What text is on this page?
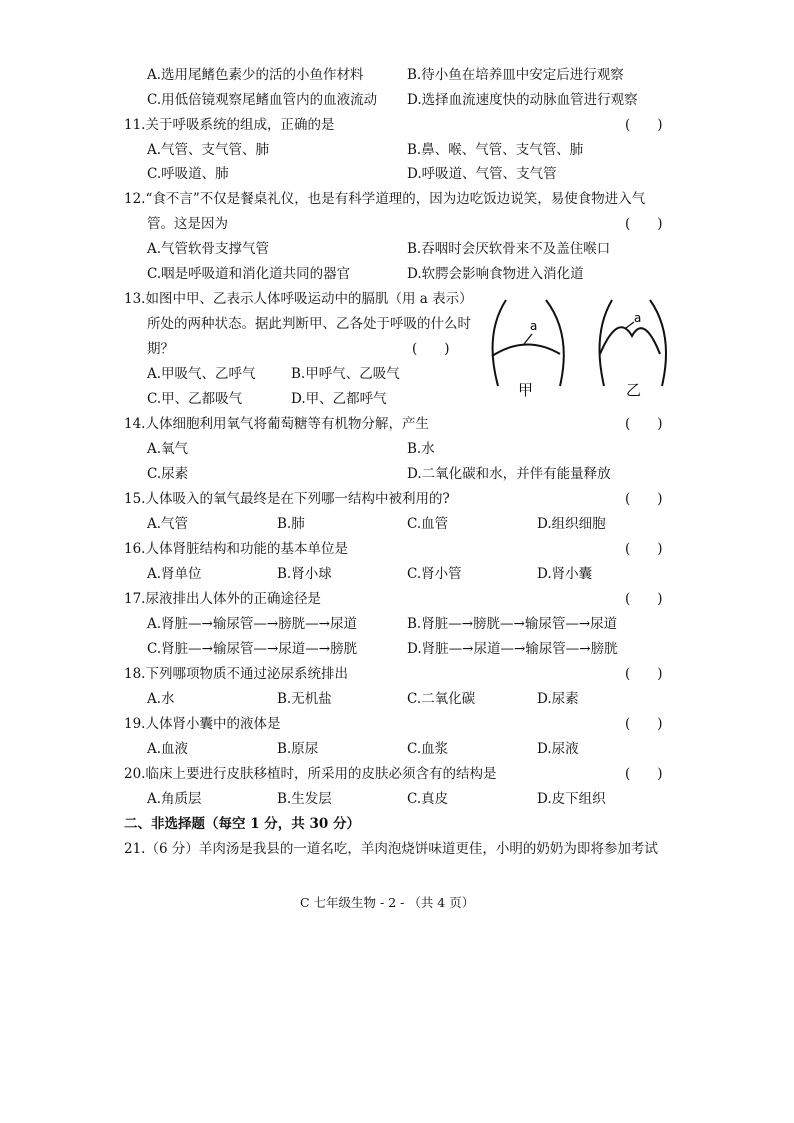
A.选用尾鳍色素少的活的小鱼作材料	B.待小鱼在培养皿中安定后进行观察
C.用低倍镜观察尾鳍血管内的血液流动 D.选择血流速度快的动脉血管进行观察
11.关于呼吸系统的组成，正确的是	(　　)
A.气管、支气管、肺	B.鼻、喉、气管、支气管、肺
C.呼吸道、肺	D.呼吸道、气管、支气管
12.“食不言”不仅是餐桌礼仪，也是有科学道理的，因为边吃饭边说笑，易使食物进入气
管。这是因为	(　　)
A.气管软骨支撑气管	B.吞咽时会厌软骨来不及盖住喉口
C.咽是呼吸道和消化道共同的器官	D.软腭会影响食物进入消化道
13.如图中甲、乙表示人体呼吸运动中的膈肌（用 a 表示）
所处的两种状态。据此判断甲、乙各处于呼吸的什么时
期？	(　　)
A.甲吸气、乙呼气	B.甲呼气、乙吸气
C.甲、乙都吸气	D.甲、乙都呼气
a
甲
a
乙
14.人体细胞利用氧气将葡萄糖等有机物分解，产生	(　　)
A.氧气	B.水
C.尿素	D.二氧化碳和水，并伴有能量释放
15.人体吸入的氧气最终是在下列哪一结构中被利用的?	(　　)
A.气管	B.肺	C.血管	D.组织细胞
16.人体肾脏结构和功能的基本单位是	(　　)
A.肾单位	B.肾小球	C.肾小管	D.肾小囊
17.尿液排出人体外的正确途径是	(　　)
A.肾脏—→输尿管—→膀胱—→尿道	B.肾脏—→膀胱—→输尿管—→尿道
C.肾脏—→输尿管—→尿道—→膀胱	D.肾脏—→尿道—→输尿管—→膀胱
18.下列哪项物质不通过泌尿系统排出	(　　)
A.水	B.无机盐	C.二氧化碳	D.尿素
19.人体肾小囊中的液体是	(　　)
A.血液	B.原尿	C.血浆	D.尿液
20.临床上要进行皮肤移植时，所采用的皮肤必须含有的结构是	(　　)
A.角质层	B.生发层	C.真皮	D.皮下组织
二、非选择题（每空 1 分，共 30 分）
21.（6 分）羊肉汤是我县的一道名吃，羊肉泡烧饼味道更佳，小明的奶奶为即将参加考试
C 七年级生物 - 2 - （共 4 页）
